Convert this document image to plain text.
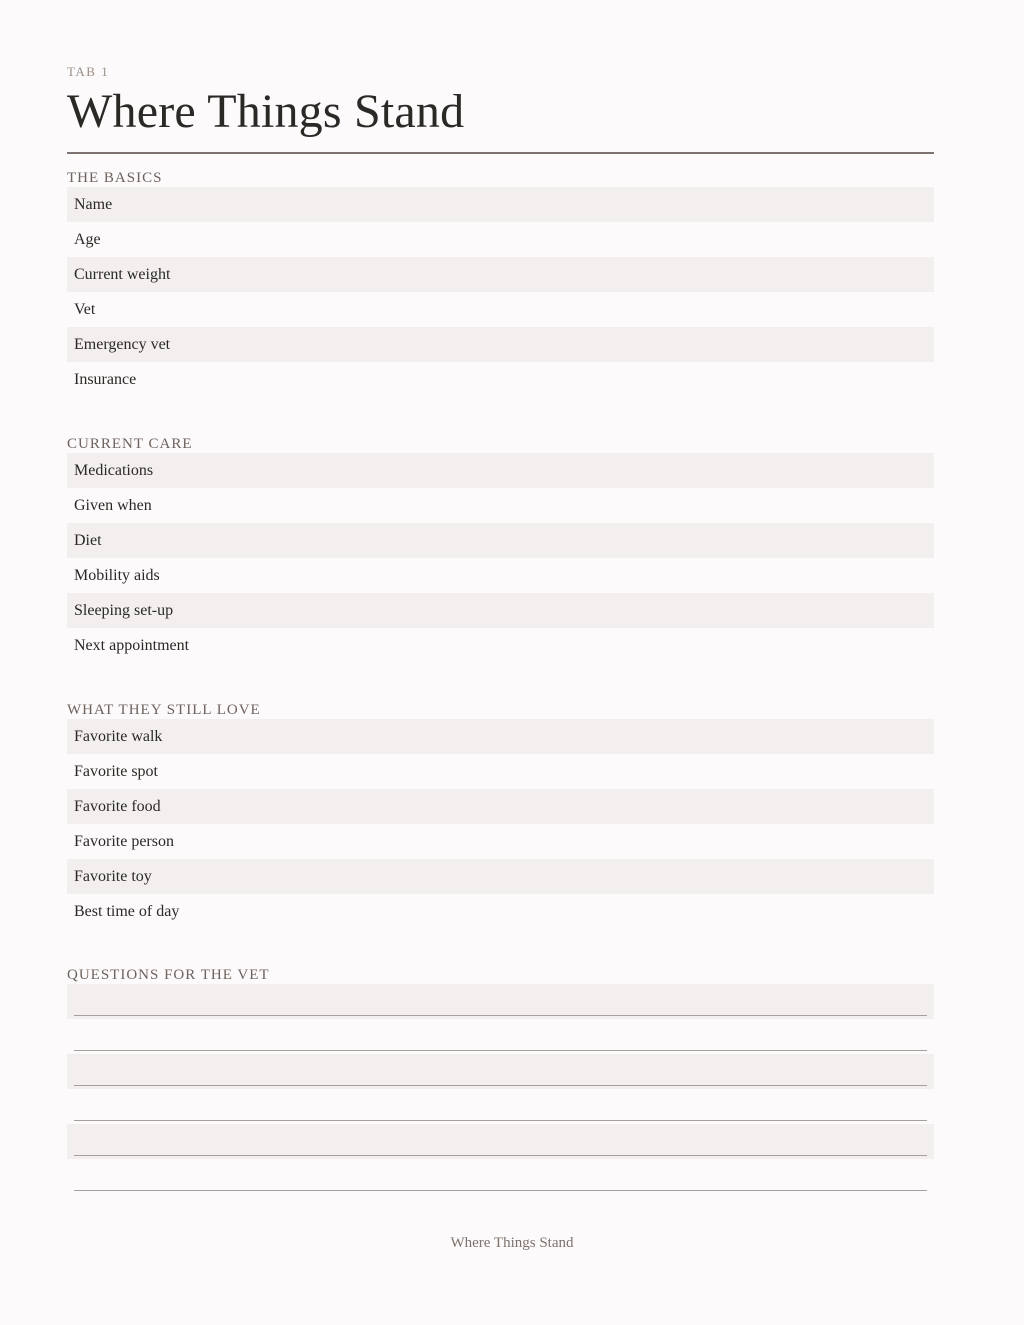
TAB 1
Where Things Stand
THE BASICS
Name
Age
Current weight
Vet
Emergency vet
Insurance
CURRENT CARE
Medications
Given when
Diet
Mobility aids
Sleeping set-up
Next appointment
WHAT THEY STILL LOVE
Favorite walk
Favorite spot
Favorite food
Favorite person
Favorite toy
Best time of day
QUESTIONS FOR THE VET
Where Things Stand
